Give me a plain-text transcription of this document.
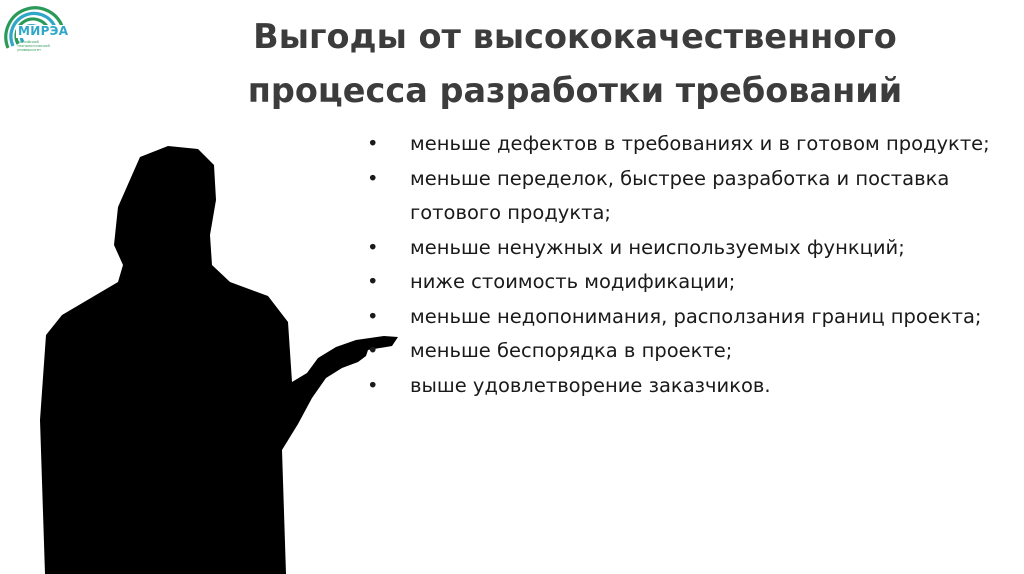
МИРЭА
Российский технологический университет	Выгоды от высококачественного
процесса разработки требований
• меньше дефектов в требованиях и в готовом продукте;
• меньше переделок, быстрее разработка и поставка готового продукта;
• меньше ненужных и неиспользуемых функций;
• ниже стоимость модификации;
• меньше недопонимания, расползания границ проекта;
• меньше беспорядка в проекте;
• выше удовлетворение заказчиков.
